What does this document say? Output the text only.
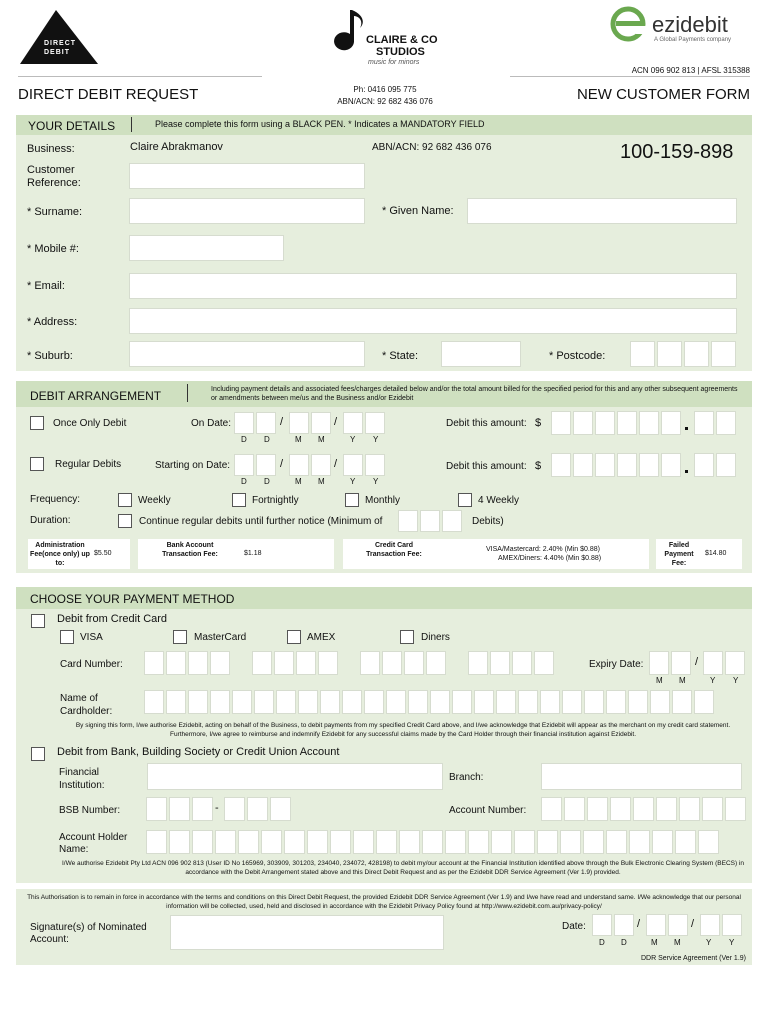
DIRECT
DEBIT
CLAIRE & CO
STUDIOS
music for minors
ezidebit
A Global Payments company
ACN 096 902 813 | AFSL 315388
DIRECT DEBIT REQUEST	Ph: 0416 095 775
ABN/ACN: 92 682 436 076	NEW CUSTOMER FORM
YOUR DETAILS	Please complete this form using a BLACK PEN. * Indicates a MANDATORY FIELD
Business:	Claire Abrakmanov	ABN/ACN: 92 682 436 076	100-159-898
Customer Reference:
* Surname:	* Given Name:
* Mobile #:
* Email:
* Address:
* Suburb:	* State:	* Postcode:
DEBIT ARRANGEMENT	Including payment details and associated fees/charges detailed below and/or the total amount billed for the specified period for this and any other subsequent agreements or amendments between me/us and the Business and/or Ezidebit
Once Only Debit	On Date:	/	/
D D	M M	Y Y
Debit this amount: $
Regular Debits	Starting on Date:	/	/
D D	M M	Y Y
Debit this amount: $
Frequency:	Weekly	Fortnightly	Monthly	4 Weekly
Duration:	Continue regular debits until further notice (Minimum of	Debits)
Administration Fee(once only) up to:
$5.50
Bank Account Transaction Fee:	$1.18
Credit Card Transaction Fee:
VISA/Mastercard: 2.40% (Min $0.88)
AMEX/Diners: 4.40% (Min $0.88)
Failed Payment Fee:
$14.80
CHOOSE YOUR PAYMENT METHOD
Debit from Credit Card
VISA	MasterCard	AMEX	Diners
Card Number:	Expiry Date:	/
M M	Y Y
Name of Cardholder:
By signing this form, I/we authorise Ezidebit, acting on behalf of the Business, to debit payments from my specified Credit Card above, and I/we acknowledge that Ezidebit will appear as the merchant on my credit card statement. Furthermore, I/we agree to reimburse and indemnify Ezidebit for any successful claims made by the Card Holder through their financial institution against Ezidebit.
Debit from Bank, Building Society or Credit Union Account
Financial Institution:
Branch:
BSB Number:	-	Account Number:
Account Holder Name:
I/We authorise Ezidebit Pty Ltd ACN 096 902 813 (User ID No 165969, 303909, 301203, 234040, 234072, 428198) to debit my/our account at the Financial Institution identified above through the Bulk Electronic Clearing System (BECS) in accordance with the Debit Arrangement stated above and this Direct Debit Request and as per the Ezidebit DDR Service Agreement (Ver 1.9) provided.
This Authorisation is to remain in force in accordance with the terms and conditions on this Direct Debit Request, the provided Ezidebit DDR Service Agreement (Ver 1.9) and I/we have read and understand same. I/We acknowledge that our personal information will be collected, used, held and disclosed in accordance with the Ezidebit Privacy Policy found at http://www.ezidebit.com.au/privacy-policy/
Signature(s) of Nominated Account:
Date:	/	/
D D	M M	Y Y
DDR Service Agreement (Ver 1.9)
